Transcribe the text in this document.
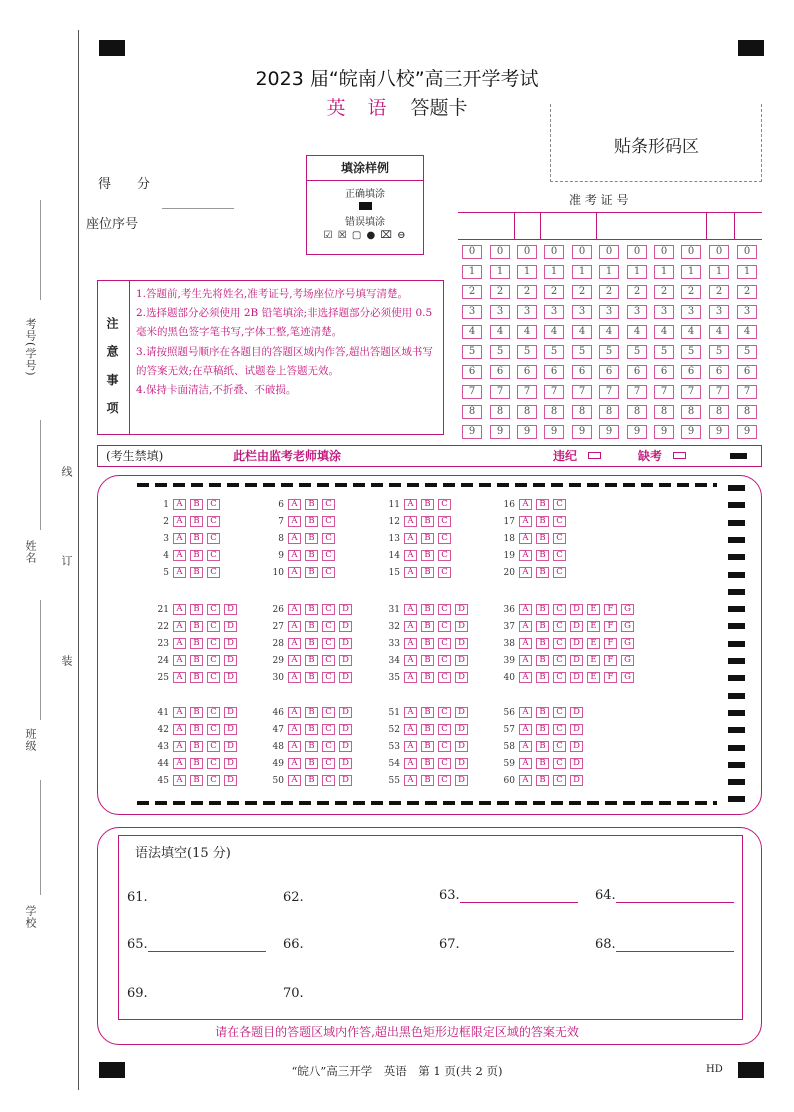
考号(学号)
姓名
班级
学校
线
订
装
2023 届“皖南八校”高三开学考试
英 语 答题卡
贴条形码区
得　　分
座位序号
填涂样例
正确填涂
错误填涂
☑ ☒ ▢ ● ⌧ ⊖
准 考 证 号
0	0	0	0	0	0	0	0	0	0	0
1	1	1	1	1	1	1	1	1	1	1
2	2	2	2	2	2	2	2	2	2	2
3	3	3	3	3	3	3	3	3	3	3
4	4	4	4	4	4	4	4	4	4	4
5	5	5	5	5	5	5	5	5	5	5
6	6	6	6	6	6	6	6	6	6	6
7	7	7	7	7	7	7	7	7	7	7
8	8	8	8	8	8	8	8	8	8	8
9	9	9	9	9	9	9	9	9	9	9
注 意 事 项
1.答题前,考生先将姓名,准考证号,考场座位序号填写清楚。
2.选择题部分必须使用 2B 铅笔填涂;非选择题部分必须使用 0.5 毫米的黑色签字笔书写,字体工整,笔迹清楚。
3.请按照题号顺序在各题目的答题区域内作答,超出答题区域书写的答案无效;在草稿纸、试题卷上答题无效。
4.保持卡面清洁,不折叠、不破损。
(考生禁填)	此栏由监考老师填涂	违纪	缺考
1 A B C
2 A B C
3 A B C
4 A B C
5 A B C
6 A B C
7 A B C
8 A B C
9 A B C
10 A B C
11 A B C
12 A B C
13 A B C
14 A B C
15 A B C
16 A B C
17 A B C
18 A B C
19 A B C
20 A B C
21 A B C D
22 A B C D
23 A B C D
24 A B C D
25 A B C D
26 A B C D
27 A B C D
28 A B C D
29 A B C D
30 A B C D
31 A B C D
32 A B C D
33 A B C D
34 A B C D
35 A B C D
36 A B C D E F G
37 A B C D E F G
38 A B C D E F G
39 A B C D E F G
40 A B C D E F G
41 A B C D
42 A B C D
43 A B C D
44 A B C D
45 A B C D
46 A B C D
47 A B C D
48 A B C D
49 A B C D
50 A B C D
51 A B C D
52 A B C D
53 A B C D
54 A B C D
55 A B C D
56 A B C D
57 A B C D
58 A B C D
59 A B C D
60 A B C D
语法填空(15 分)
61.	62.	63.	64.
65.	66.	67.	68.
69.	70.
请在各题目的答题区域内作答,超出黑色矩形边框限定区域的答案无效
“皖八”高三开学　英语　第 1 页(共 2 页)	HD
